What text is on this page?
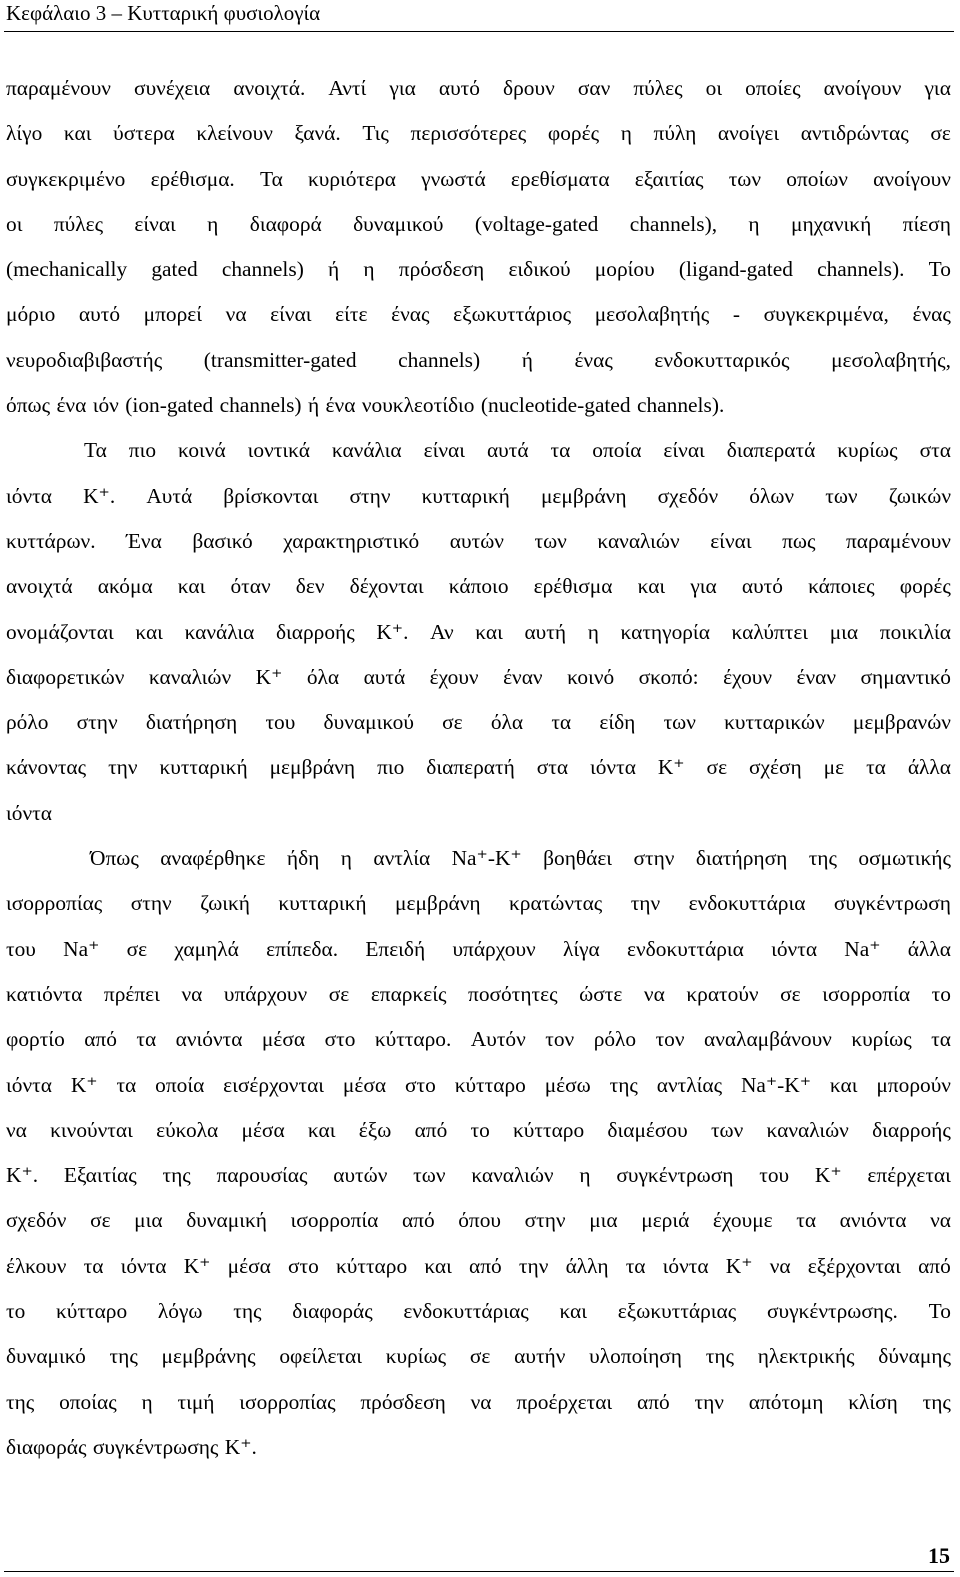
Κεφάλαιο 3 – Κυτταρική φυσιολογία
παραμένουν συνέχεια ανοιχτά. Αντί για αυτό δρουν σαν πύλες οι οποίες ανοίγουν για
λίγο και ύστερα κλείνουν ξανά. Τις περισσότερες φορές η πύλη ανοίγει αντιδρώντας σε
συγκεκριμένο ερέθισμα. Τα κυριότερα γνωστά ερεθίσματα εξαιτίας των οποίων ανοίγουν
οι πύλες είναι η διαφορά δυναμικού (voltage-gated channels), η μηχανική πίεση
(mechanically gated channels) ή η πρόσδεση ειδικού μορίου (ligand-gated channels). Το
μόριο αυτό μπορεί να είναι είτε ένας εξωκυττάριος μεσολαβητής - συγκεκριμένα, ένας
νευροδιαβιβαστής (transmitter-gated channels) ή ένας ενδοκυτταρικός μεσολαβητής,
όπως ένα ιόν (ion-gated channels) ή ένα νουκλεοτίδιο (nucleotide-gated channels).
Τα πιο κοινά ιοντικά κανάλια είναι αυτά τα οποία είναι διαπερατά κυρίως στα
ιόντα Κ⁺. Αυτά βρίσκονται στην κυτταρική μεμβράνη σχεδόν όλων των ζωικών
κυττάρων. Ένα βασικό χαρακτηριστικό αυτών των καναλιών είναι πως παραμένουν
ανοιχτά ακόμα και όταν δεν δέχονται κάποιο ερέθισμα και για αυτό κάποιες φορές
ονομάζονται και κανάλια διαρροής Κ⁺. Αν και αυτή η κατηγορία καλύπτει μια ποικιλία
διαφορετικών καναλιών Κ⁺ όλα αυτά έχουν έναν κοινό σκοπό: έχουν έναν σημαντικό
ρόλο στην διατήρηση του δυναμικού σε όλα τα είδη των κυτταρικών μεμβρανών
κάνοντας την κυτταρική μεμβράνη πιο διαπερατή στα ιόντα Κ⁺ σε σχέση με τα άλλα
ιόντα
Όπως αναφέρθηκε ήδη η αντλία Na⁺-Κ⁺ βοηθάει στην διατήρηση της οσμωτικής
ισορροπίας στην ζωική κυτταρική μεμβράνη κρατώντας την ενδοκυττάρια συγκέντρωση
του Na⁺ σε χαμηλά επίπεδα. Επειδή υπάρχουν λίγα ενδοκυττάρια ιόντα Na⁺ άλλα
κατιόντα πρέπει να υπάρχουν σε επαρκείς ποσότητες ώστε να κρατούν σε ισορροπία το
φορτίο από τα ανιόντα μέσα στο κύτταρο. Αυτόν τον ρόλο τον αναλαμβάνουν κυρίως τα
ιόντα Κ⁺ τα οποία εισέρχονται μέσα στο κύτταρο μέσω της αντλίας Na⁺-Κ⁺ και μπορούν
να κινούνται εύκολα μέσα και έξω από το κύτταρο διαμέσου των καναλιών διαρροής
Κ⁺. Εξαιτίας της παρουσίας αυτών των καναλιών η συγκέντρωση του Κ⁺ επέρχεται
σχεδόν σε μια δυναμική ισορροπία από όπου στην μια μεριά έχουμε τα ανιόντα να
έλκουν τα ιόντα Κ⁺ μέσα στο κύτταρο και από την άλλη τα ιόντα Κ⁺ να εξέρχονται από
το κύτταρο λόγω της διαφοράς ενδοκυττάριας και εξωκυττάριας συγκέντρωσης. Το
δυναμικό της μεμβράνης οφείλεται κυρίως σε αυτήν υλοποίηση της ηλεκτρικής δύναμης
της οποίας η τιμή ισορροπίας πρόσδεση να προέρχεται από την απότομη κλίση της
διαφοράς συγκέντρωσης Κ⁺.
15
